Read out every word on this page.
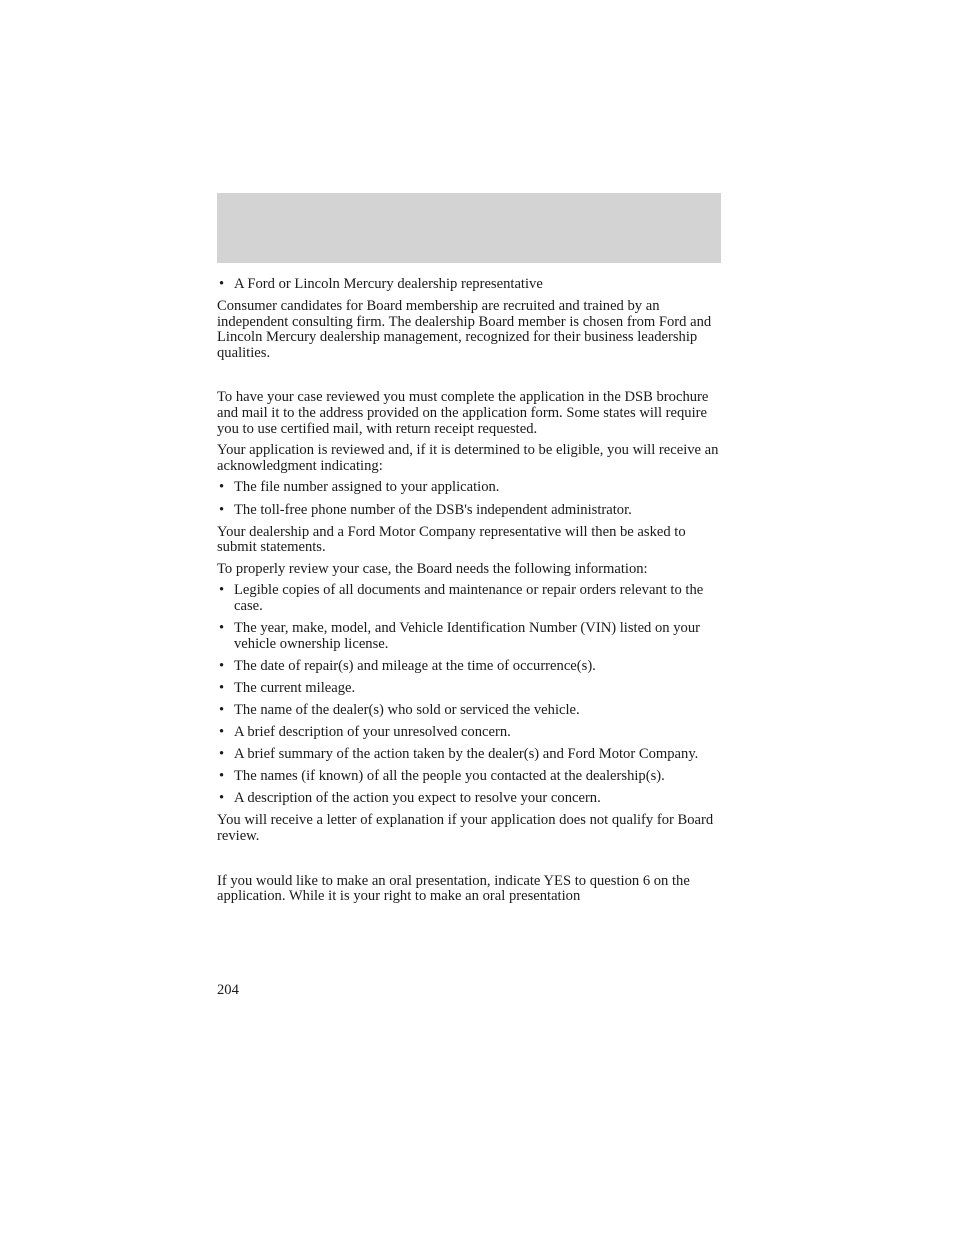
• A Ford or Lincoln Mercury dealership representative

Consumer candidates for Board membership are recruited and trained by an independent consulting firm. The dealership Board member is chosen from Ford and Lincoln Mercury dealership management, recognized for their business leadership qualities.

To have your case reviewed you must complete the application in the DSB brochure and mail it to the address provided on the application form. Some states will require you to use certified mail, with return receipt requested.

Your application is reviewed and, if it is determined to be eligible, you will receive an acknowledgment indicating:

• The file number assigned to your application.
• The toll-free phone number of the DSB's independent administrator.

Your dealership and a Ford Motor Company representative will then be asked to submit statements.

To properly review your case, the Board needs the following information:

• Legible copies of all documents and maintenance or repair orders relevant to the case.
• The year, make, model, and Vehicle Identification Number (VIN) listed on your vehicle ownership license.
• The date of repair(s) and mileage at the time of occurrence(s).
• The current mileage.
• The name of the dealer(s) who sold or serviced the vehicle.
• A brief description of your unresolved concern.
• A brief summary of the action taken by the dealer(s) and Ford Motor Company.
• The names (if known) of all the people you contacted at the dealership(s).
• A description of the action you expect to resolve your concern.

You will receive a letter of explanation if your application does not qualify for Board review.

If you would like to make an oral presentation, indicate YES to question 6 on the application. While it is your right to make an oral presentation

204
